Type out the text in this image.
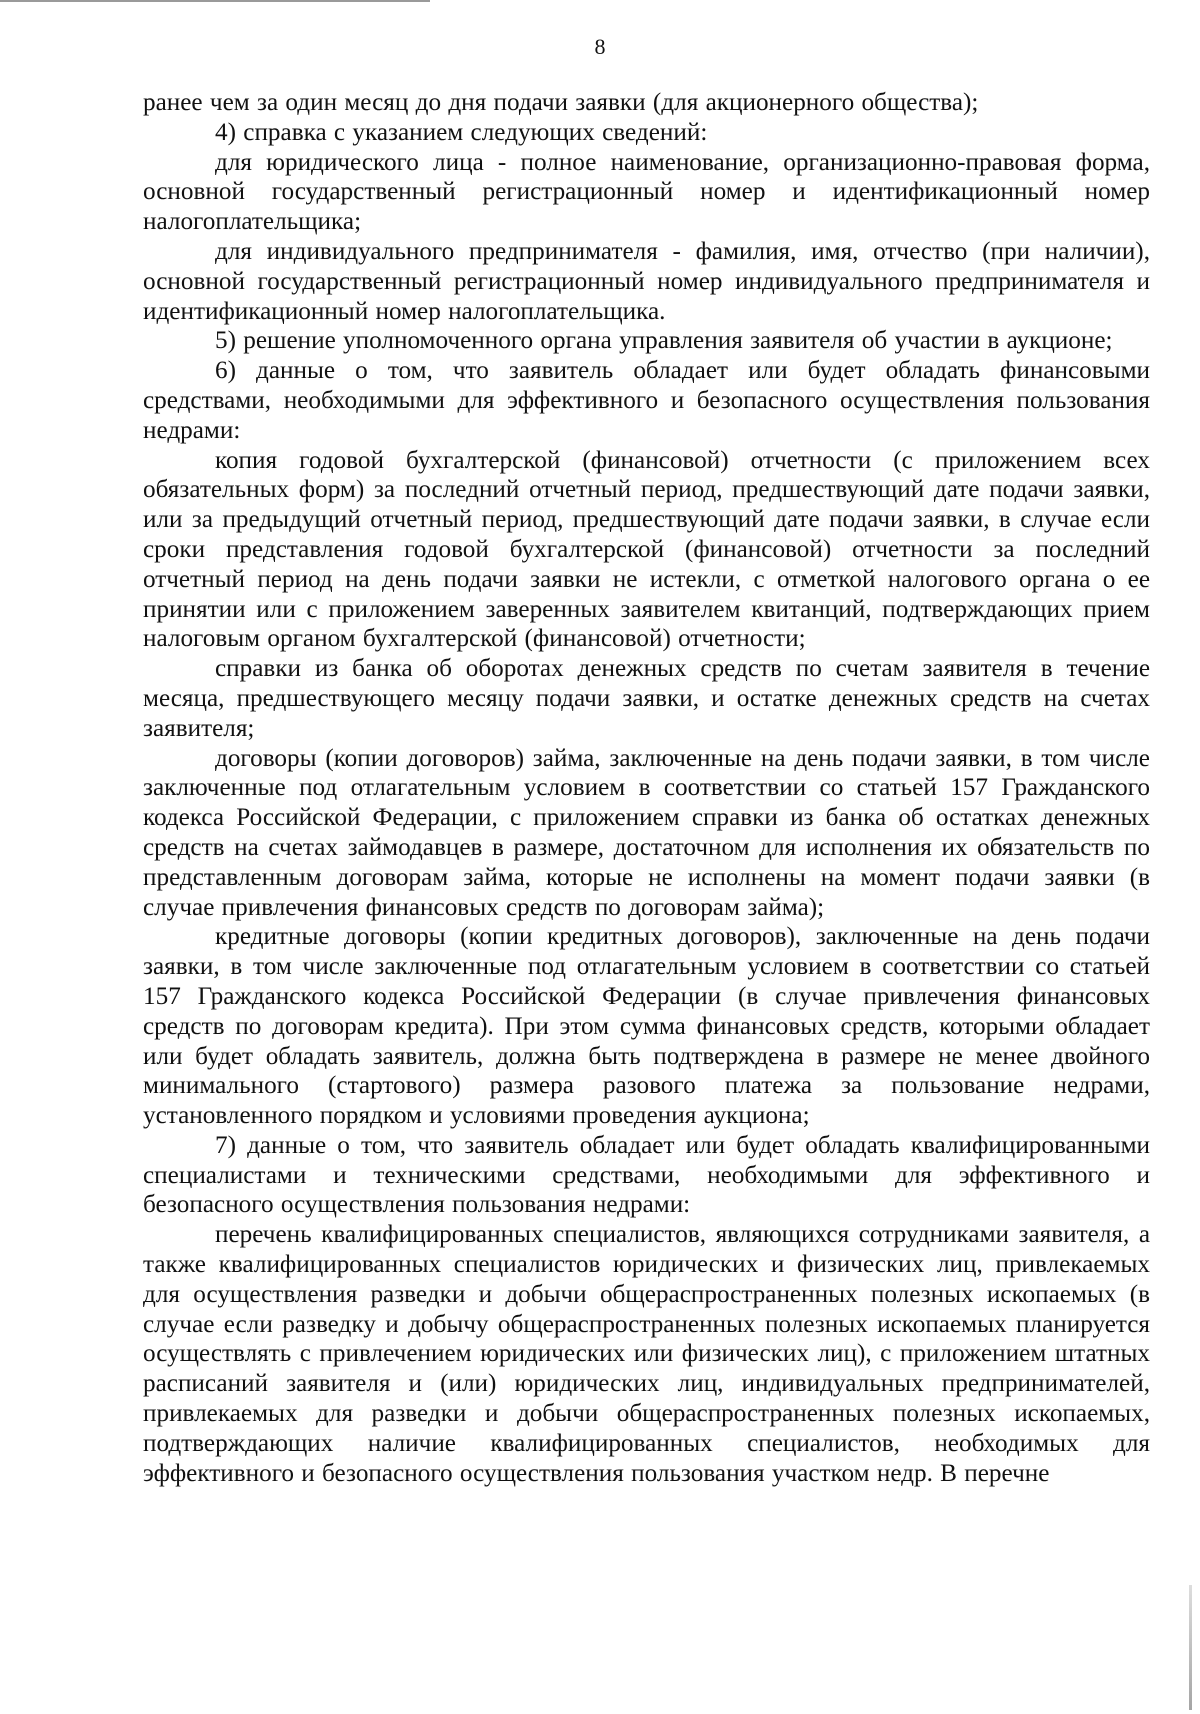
8

ранее чем за один месяц до дня подачи заявки (для акционерного общества);

4) справка с указанием следующих сведений:

для юридического лица - полное наименование, организационно-правовая форма, основной государственный регистрационный номер и идентификационный номер налогоплательщика;

для индивидуального предпринимателя - фамилия, имя, отчество (при наличии), основной государственный регистрационный номер индивидуального предпринимателя и идентификационный номер налогоплательщика.

5) решение уполномоченного органа управления заявителя об участии в аукционе;

6) данные о том, что заявитель обладает или будет обладать финансовыми средствами, необходимыми для эффективного и безопасного осуществления пользования недрами:

копия годовой бухгалтерской (финансовой) отчетности (с приложением всех обязательных форм) за последний отчетный период, предшествующий дате подачи заявки, или за предыдущий отчетный период, предшествующий дате подачи заявки, в случае если сроки представления годовой бухгалтерской (финансовой) отчетности за последний отчетный период на день подачи заявки не истекли, с отметкой налогового органа о ее принятии или с приложением заверенных заявителем квитанций, подтверждающих прием налоговым органом бухгалтерской (финансовой) отчетности;

справки из банка об оборотах денежных средств по счетам заявителя в течение месяца, предшествующего месяцу подачи заявки, и остатке денежных средств на счетах заявителя;

договоры (копии договоров) займа, заключенные на день подачи заявки, в том числе заключенные под отлагательным условием в соответствии со статьей 157 Гражданского кодекса Российской Федерации, с приложением справки из банка об остатках денежных средств на счетах займодавцев в размере, достаточном для исполнения их обязательств по представленным договорам займа, которые не исполнены на момент подачи заявки (в случае привлечения финансовых средств по договорам займа);

кредитные договоры (копии кредитных договоров), заключенные на день подачи заявки, в том числе заключенные под отлагательным условием в соответствии со статьей 157 Гражданского кодекса Российской Федерации (в случае привлечения финансовых средств по договорам кредита). При этом сумма финансовых средств, которыми обладает или будет обладать заявитель, должна быть подтверждена в размере не менее двойного минимального (стартового) размера разового платежа за пользование недрами, установленного порядком и условиями проведения аукциона;

7) данные о том, что заявитель обладает или будет обладать квалифицированными специалистами и техническими средствами, необходимыми для эффективного и безопасного осуществления пользования недрами:

перечень квалифицированных специалистов, являющихся сотрудниками заявителя, а также квалифицированных специалистов юридических и физических лиц, привлекаемых для осуществления разведки и добычи общераспространенных полезных ископаемых (в случае если разведку и добычу общераспространенных полезных ископаемых планируется осуществлять с привлечением юридических или физических лиц), с приложением штатных расписаний заявителя и (или) юридических лиц, индивидуальных предпринимателей, привлекаемых для разведки и добычи общераспространенных полезных ископаемых, подтверждающих наличие квалифицированных специалистов, необходимых для эффективного и безопасного осуществления пользования участком недр. В перечне
